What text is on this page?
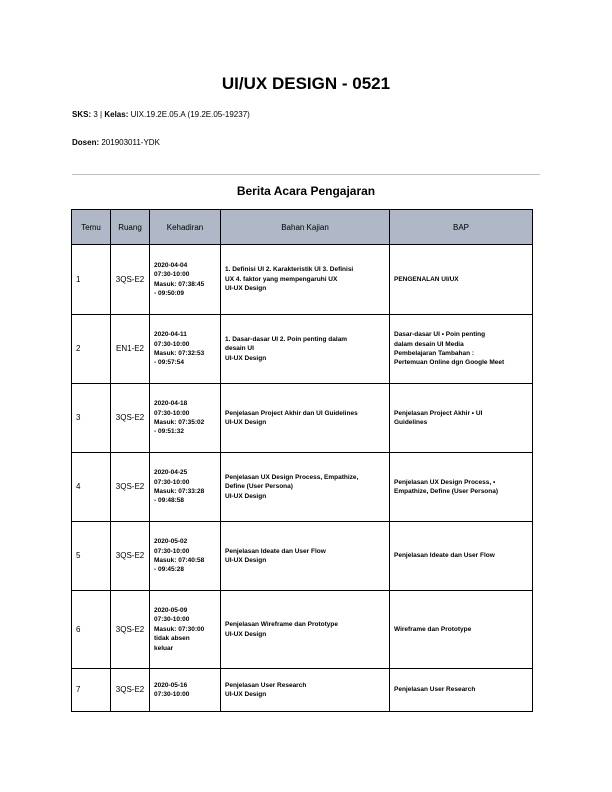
UI/UX DESIGN - 0521
SKS: 3 | Kelas: UIX.19.2E.05.A (19.2E.05-19237)
Dosen: 201903011-YDK
Berita Acara Pengajaran
Temu	Ruang	Kehadiran	Bahan Kajian	BAP
1	3QS-E2	2020-04-04
07:30-10:00
Masuk: 07:38:45
- 09:50:09	1. Definisi UI 2. Karakteristik UI 3. Definisi
UX 4. faktor yang mempengaruhi UX
UI-UX Design	PENGENALAN UI/UX

2	EN1-E2	2020-04-11
07:30-10:00
Masuk: 07:32:53
- 09:57:54	1. Dasar-dasar UI 2. Poin penting dalam
desain UI
UI-UX Design	Dasar-dasar UI • Poin penting
dalam desain UI Media
Pembelajaran Tambahan :
Pertemuan Online dgn Google Meet

3	3QS-E2	2020-04-18
07:30-10:00
Masuk: 07:35:02
- 09:51:32	Penjelasan Project Akhir dan UI Guidelines
UI-UX Design	Penjelasan Project Akhir • UI
Guidelines

4	3QS-E2	2020-04-25
07:30-10:00
Masuk: 07:33:28
- 09:48:58	Penjelasan UX Design Process, Empathize,
Define (User Persona)
UI-UX Design	Penjelasan UX Design Process, •
Empathize, Define (User Persona)

5	3QS-E2	2020-05-02
07:30-10:00
Masuk: 07:40:58
- 09:45:28	Penjelasan Ideate dan User Flow
UI-UX Design	Penjelasan Ideate dan User Flow

6	3QS-E2	2020-05-09
07:30-10:00
Masuk: 07:30:00
tidak absen
keluar	Penjelasan Wireframe dan Prototype
UI-UX Design	Wireframe dan Prototype

7	3QS-E2	2020-05-16
07:30-10:00	Penjelasan User Research
UI-UX Design	Penjelasan User Research
